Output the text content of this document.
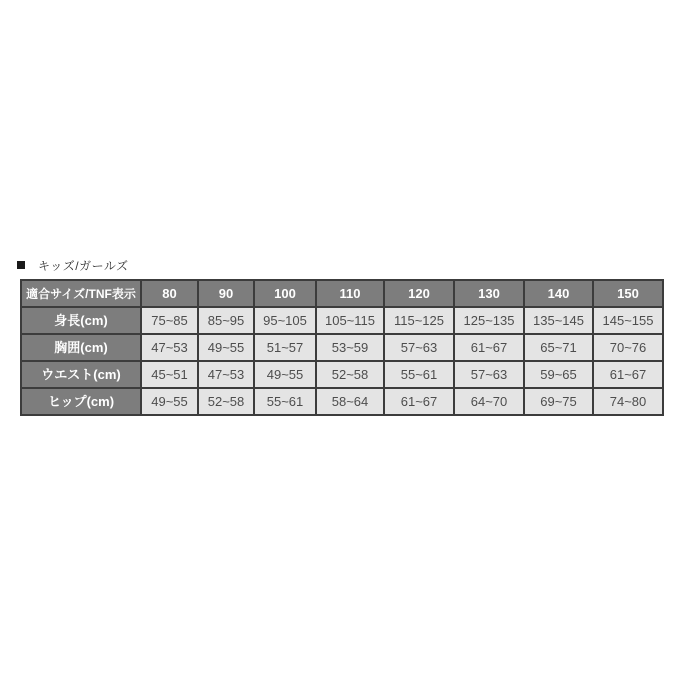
キッズ/ガールズ
適合サイズ/TNF表示	80	90	100	110	120	130	140	150
身長(cm)	75~85	85~95	95~105	105~115	115~125	125~135	135~145	145~155
胸囲(cm)	47~53	49~55	51~57	53~59	57~63	61~67	65~71	70~76
ウエスト(cm)	45~51	47~53	49~55	52~58	55~61	57~63	59~65	61~67
ヒップ(cm)	49~55	52~58	55~61	58~64	61~67	64~70	69~75	74~80
